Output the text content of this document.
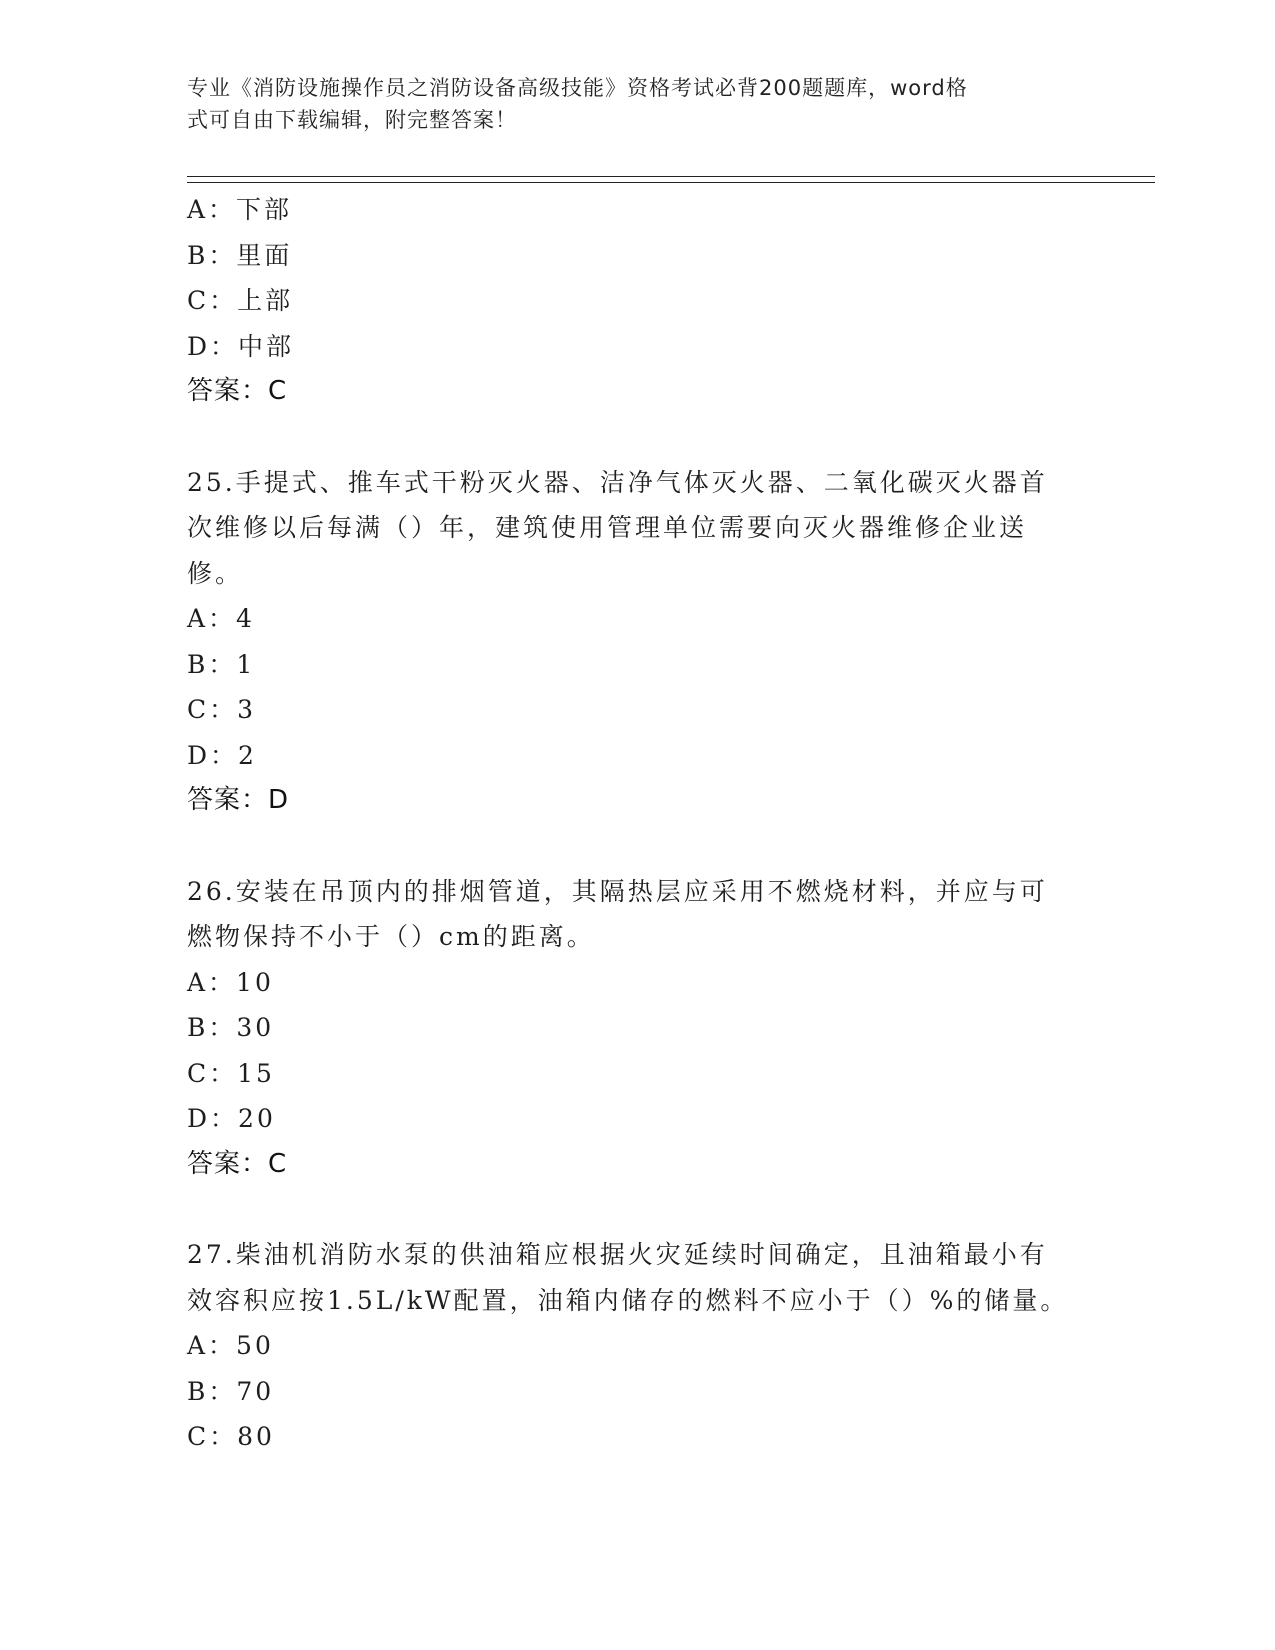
专业《消防设施操作员之消防设备高级技能》资格考试必背200题题库，word格
式可自由下载编辑，附完整答案！
A：下部
B：里面
C：上部
D：中部
答案：C
25.手提式、推车式干粉灭火器、洁净气体灭火器、二氧化碳灭火器首
次维修以后每满（）年，建筑使用管理单位需要向灭火器维修企业送
修。
A：4
B：1
C：3
D：2
答案：D
26.安装在吊顶内的排烟管道，其隔热层应采用不燃烧材料，并应与可
燃物保持不小于（）cm的距离。
A：10
B：30
C：15
D：20
答案：C
27.柴油机消防水泵的供油箱应根据火灾延续时间确定，且油箱最小有
效容积应按1.5L/kW配置，油箱内储存的燃料不应小于（）%的储量。
A：50
B：70
C：80
